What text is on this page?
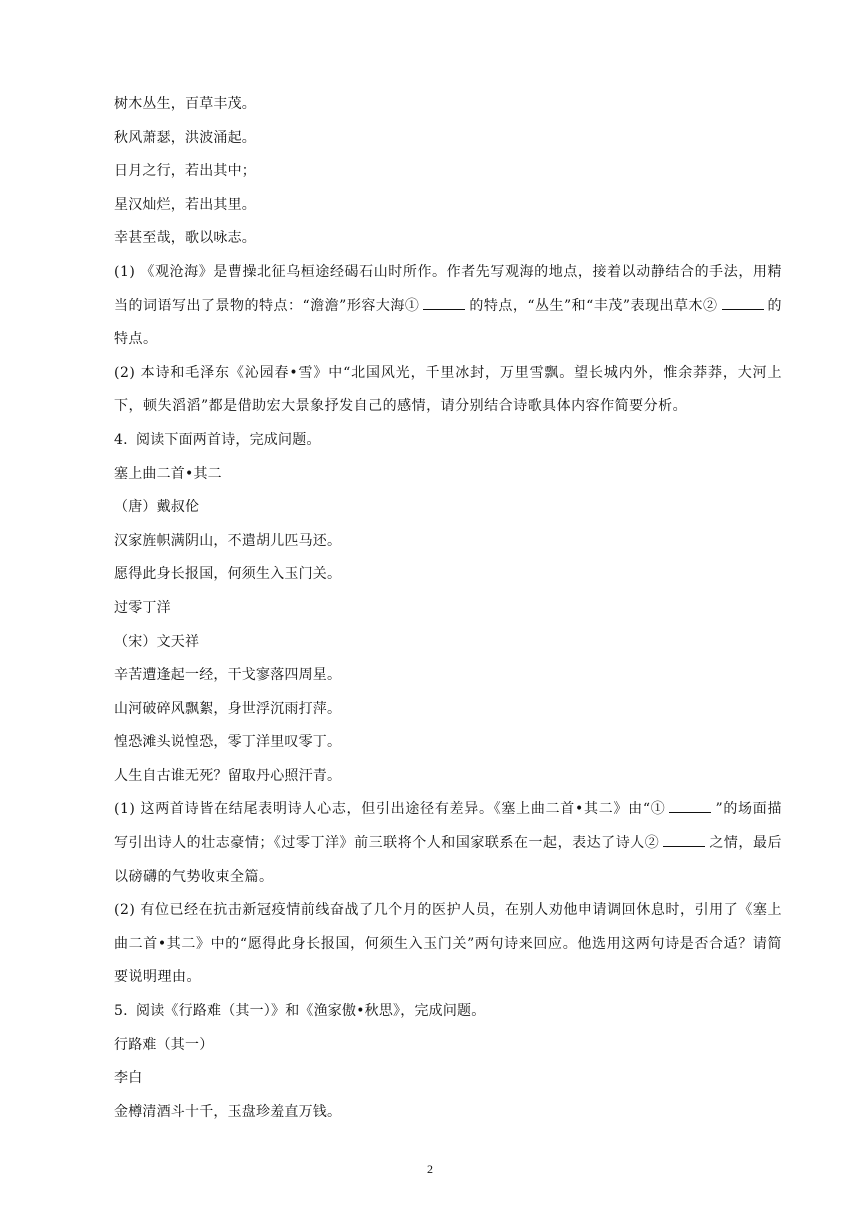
树木丛生，百草丰茂。
秋风萧瑟，洪波涌起。
日月之行，若出其中；
星汉灿烂，若出其里。
幸甚至哉，歌以咏志。
(1) 《观沧海》是曹操北征乌桓途经碣石山时所作。作者先写观海的地点，接着以动静结合的手法，用精当的词语写出了景物的特点：“澹澹”形容大海①	的特点，“丛生”和“丰茂”表现出草木②	的特点。
(2) 本诗和毛泽东《沁园春•雪》中“北国风光，千里冰封，万里雪飘。望长城内外，惟余莽莽，大河上下，顿失滔滔”都是借助宏大景象抒发自己的感情，请分别结合诗歌具体内容作简要分析。
4. 阅读下面两首诗，完成问题。
塞上曲二首•其二
（唐）戴叔伦
汉家旌帜满阴山，不遣胡儿匹马还。
愿得此身长报国，何须生入玉门关。
过零丁洋
（宋）文天祥
辛苦遭逢起一经，干戈寥落四周星。
山河破碎风飘絮，身世浮沉雨打萍。
惶恐滩头说惶恐，零丁洋里叹零丁。
人生自古谁无死？留取丹心照汗青。
(1) 这两首诗皆在结尾表明诗人心志，但引出途径有差异。《塞上曲二首•其二》由“①	”的场面描写引出诗人的壮志豪情；《过零丁洋》前三联将个人和国家联系在一起，表达了诗人②	之情，最后以磅礴的气势收束全篇。
(2) 有位已经在抗击新冠疫情前线奋战了几个月的医护人员，在别人劝他申请调回休息时，引用了《塞上曲二首•其二》中的“愿得此身长报国，何须生入玉门关”两句诗来回应。他选用这两句诗是否合适？请简要说明理由。
5. 阅读《行路难（其一）》和《渔家傲•秋思》，完成问题。
行路难（其一）
李白
金樽清酒斗十千，玉盘珍羞直万钱。
2
